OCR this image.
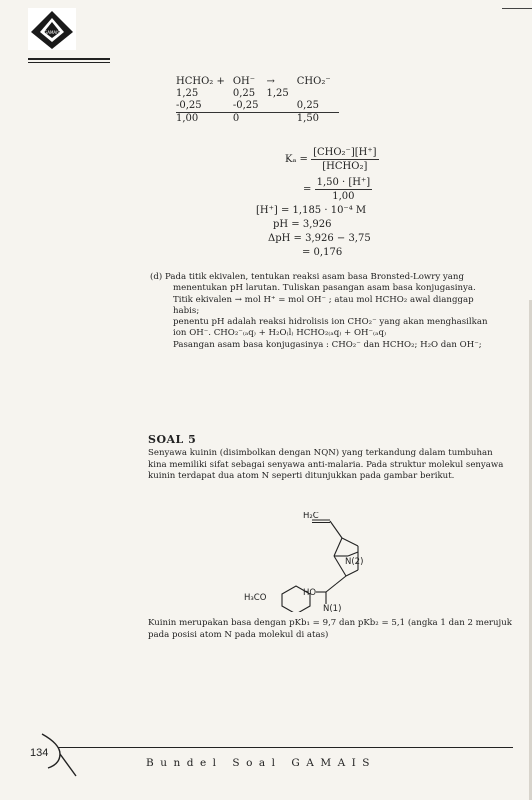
GAMAIS
HCHO₂ +	OH⁻	→	CHO₂⁻
1,25	0,25	1,25	
-0,25	-0,25		0,25
1,00	0		1,50
$K_a = \frac{\text{[CHO₂⁻][H⁺]}}{\text{[HCHO₂]}}$
= $\frac{1,50 \cdot [H^+]}{1,00}$
[H⁺] = 1,185 · 10⁻⁴ M
pH = 3,926
ΔpH = 3,926 − 3,75
= 0,176
(d) Pada titik ekivalen, tentukan reaksi asam basa Bronsted-Lowry yang
menentukan pH larutan. Tuliskan pasangan asam basa konjugasinya.
Titik ekivalen → mol H⁺ = mol OH⁻ ; atau mol HCHO₂ awal dianggap
habis;
penentu pH adalah reaksi hidrolisis ion CHO₂⁻ yang akan menghasilkan
ion OH⁻. CHO₂⁻₍ₐq₎ + H₂O₍l₎ HCHO₂₍ₐq₎ + OH⁻₍ₐq₎
Pasangan asam basa konjugasinya : CHO₂⁻ dan HCHO₂; H₂O dan OH⁻;
SOAL 5
Senyawa kuinin (disimbolkan dengan NQN) yang terkandung dalam tumbuhan kina memiliki sifat sebagai senyawa anti-malaria. Pada struktur molekul senyawa kuinin terdapat dua atom N seperti ditunjukkan pada gambar berikut.
H₂C
N(2)
HO
H₃CO
N(1)
Kuinin merupakan basa dengan pKb₁ = 9,7 dan pKb₂ = 5,1 (angka 1 dan 2 merujuk pada posisi atom N pada molekul di atas)
134
Bundel Soal GAMAIS
